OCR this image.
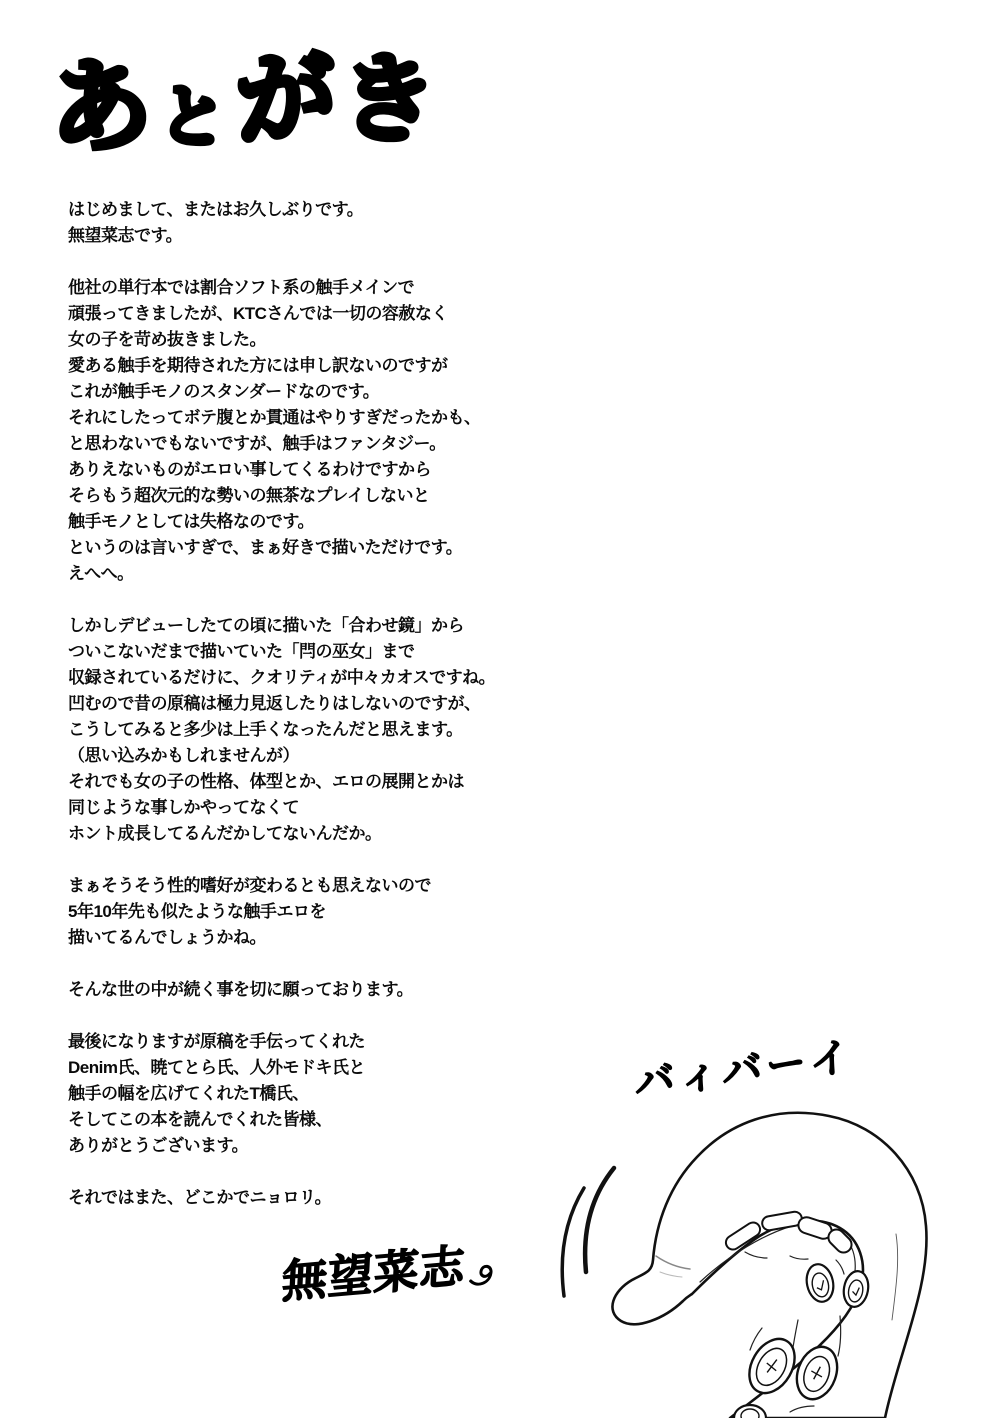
あ と が
き

はじめまして、またはお久しぶりです。
無望菜志です。

他社の単行本では割合ソフト系の触手メインで
頑張ってきましたが、KTCさんでは一切の容赦なく
女の子を苛め抜きました。
愛ある触手を期待された方には申し訳ないのですが
これが触手モノのスタンダードなのです。
それにしたってボテ腹とか貫通はやりすぎだったかも、
と思わないでもないですが、触手はファンタジー。
ありえないものがエロい事してくるわけですから
そらもう超次元的な勢いの無茶なプレイしないと
触手モノとしては失格なのです。
というのは言いすぎで、まぁ好きで描いただけです。
えへへ。

しかしデビューしたての頃に描いた「合わせ鏡」から
ついこないだまで描いていた「閂の巫女」まで
収録されているだけに、クオリティが中々カオスですね。
凹むので昔の原稿は極力見返したりはしないのですが、
こうしてみると多少は上手くなったんだと思えます。
（思い込みかもしれませんが）
それでも女の子の性格、体型とか、エロの展開とかは
同じような事しかやってなくて
ホント成長してるんだかしてないんだか。

まぁそうそう性的嗜好が変わるとも思えないので
5年10年先も似たような触手エロを
描いてるんでしょうかね。

そんな世の中が続く事を切に願っております。

最後になりますが原稿を手伝ってくれた
Denim氏、暁てとら氏、人外モドキ氏と
触手の幅を広げてくれたT橋氏、
そしてこの本を読んでくれた皆様、
ありがとうございます。

それではまた、どこかでニョロリ。

バィバーイ
無望菜志
